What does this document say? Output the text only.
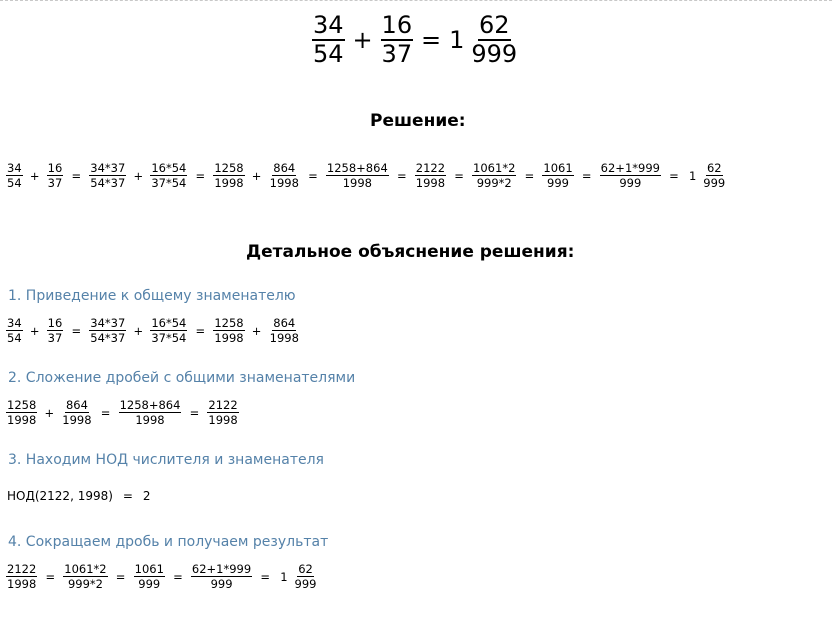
$\frac{34}{54} + \frac{16}{37} = 1 \frac{62}{999}$
Решение:
$\frac{34}{54} + \frac{16}{37} = \frac{34*37}{54*37} + \frac{16*54}{37*54} = \frac{1258}{1998} + \frac{864}{1998} = \frac{1258+864}{1998} = \frac{2122}{1998} = \frac{1061*2}{999*2} = \frac{1061}{999} = \frac{62+1*999}{999} = 1 \frac{62}{999}$
Детальное объяснение решения:
1. Приведение к общему знаменателю
$\frac{34}{54} + \frac{16}{37} = \frac{34*37}{54*37} + \frac{16*54}{37*54} = \frac{1258}{1998} + \frac{864}{1998}$
2. Сложение дробей с общими знаменателями
$\frac{1258}{1998} + \frac{864}{1998} = \frac{1258+864}{1998} = \frac{2122}{1998}$
3. Находим НОД числителя и знаменателя
НОД(2122, 1998) = 2
4. Сокращаем дробь и получаем результат
$\frac{2122}{1998} = \frac{1061*2}{999*2} = \frac{1061}{999} = \frac{62+1*999}{999} = 1 \frac{62}{999}$
